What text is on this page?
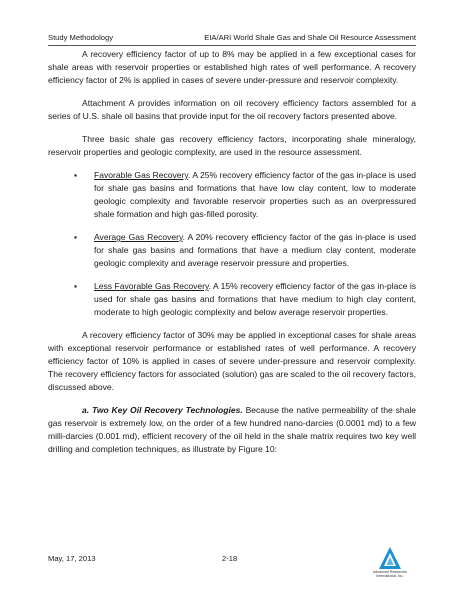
Study Methodology	EIA/ARI World Shale Gas and Shale Oil Resource Assessment

A recovery efficiency factor of up to 8% may be applied in a few exceptional cases for shale areas with reservoir properties or established high rates of well performance. A recovery efficiency factor of 2% is applied in cases of severe under-pressure and reservoir complexity.

Attachment A provides information on oil recovery efficiency factors assembled for a series of U.S. shale oil basins that provide input for the oil recovery factors presented above.

Three basic shale gas recovery efficiency factors, incorporating shale mineralogy, reservoir properties and geologic complexity, are used in the resource assessment.

▪ Favorable Gas Recovery. A 25% recovery efficiency factor of the gas in-place is used for shale gas basins and formations that have low clay content, low to moderate geologic complexity and favorable reservoir properties such as an overpressured shale formation and high gas-filled porosity.
▪ Average Gas Recovery. A 20% recovery efficiency factor of the gas in-place is used for shale gas basins and formations that have a medium clay content, moderate geologic complexity and average reservoir pressure and properties.
▪ Less Favorable Gas Recovery. A 15% recovery efficiency factor of the gas in-place is used for shale gas basins and formations that have medium to high clay content, moderate to high geologic complexity and below average reservoir properties.

A recovery efficiency factor of 30% may be applied in exceptional cases for shale areas with exceptional reservoir performance or established rates of well performance. A recovery efficiency factor of 10% is applied in cases of severe under-pressure and reservoir complexity. The recovery efficiency factors for associated (solution) gas are scaled to the oil recovery factors, discussed above.

a. Two Key Oil Recovery Technologies. Because the native permeability of the shale gas reservoir is extremely low, on the order of a few hundred nano-darcies (0.0001 md) to a few milli-darcies (0.001 md), efficient recovery of the oil held in the shale matrix requires two key well drilling and completion techniques, as illustrate by Figure 10:

May, 17, 2013	2-18
Advanced Resources
International, Inc.
